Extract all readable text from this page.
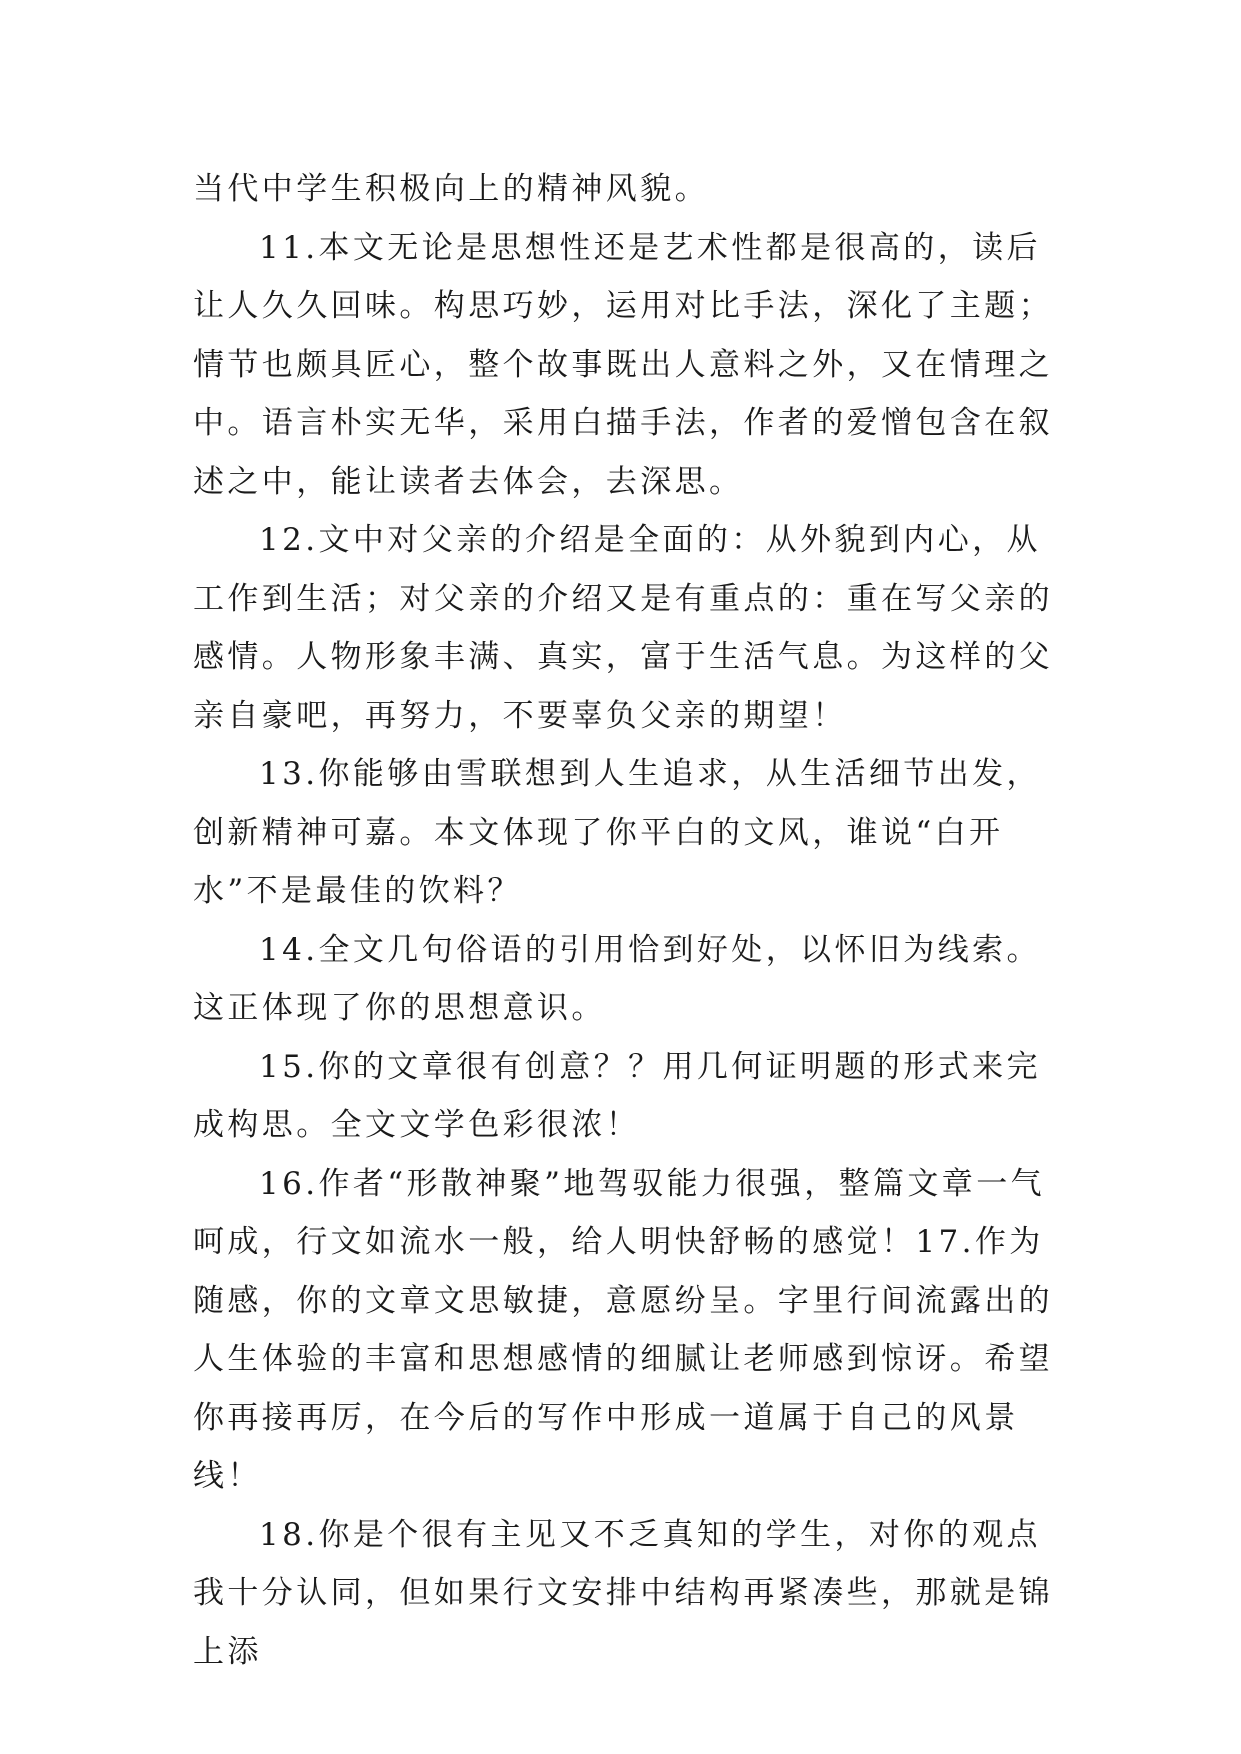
当代中学生积极向上的精神风貌。

11.本文无论是思想性还是艺术性都是很高的，读后让人久久回味。构思巧妙，运用对比手法，深化了主题；情节也颇具匠心，整个故事既出人意料之外，又在情理之中。语言朴实无华，采用白描手法，作者的爱憎包含在叙述之中，能让读者去体会，去深思。

12.文中对父亲的介绍是全面的：从外貌到内心，从工作到生活；对父亲的介绍又是有重点的：重在写父亲的感情。人物形象丰满、真实，富于生活气息。为这样的父亲自豪吧，再努力，不要辜负父亲的期望！

13.你能够由雪联想到人生追求，从生活细节出发，创新精神可嘉。本文体现了你平白的文风，谁说“白开水”不是最佳的饮料？

14.全文几句俗语的引用恰到好处，以怀旧为线索。这正体现了你的思想意识。

15.你的文章很有创意？？用几何证明题的形式来完成构思。全文文学色彩很浓！

16.作者“形散神聚”地驾驭能力很强，整篇文章一气呵成，行文如流水一般，给人明快舒畅的感觉！17.作为随感，你的文章文思敏捷，意愿纷呈。字里行间流露出的人生体验的丰富和思想感情的细腻让老师感到惊讶。希望你再接再厉，在今后的写作中形成一道属于自己的风景线！

18.你是个很有主见又不乏真知的学生，对你的观点我十分认同，但如果行文安排中结构再紧凑些，那就是锦上添
